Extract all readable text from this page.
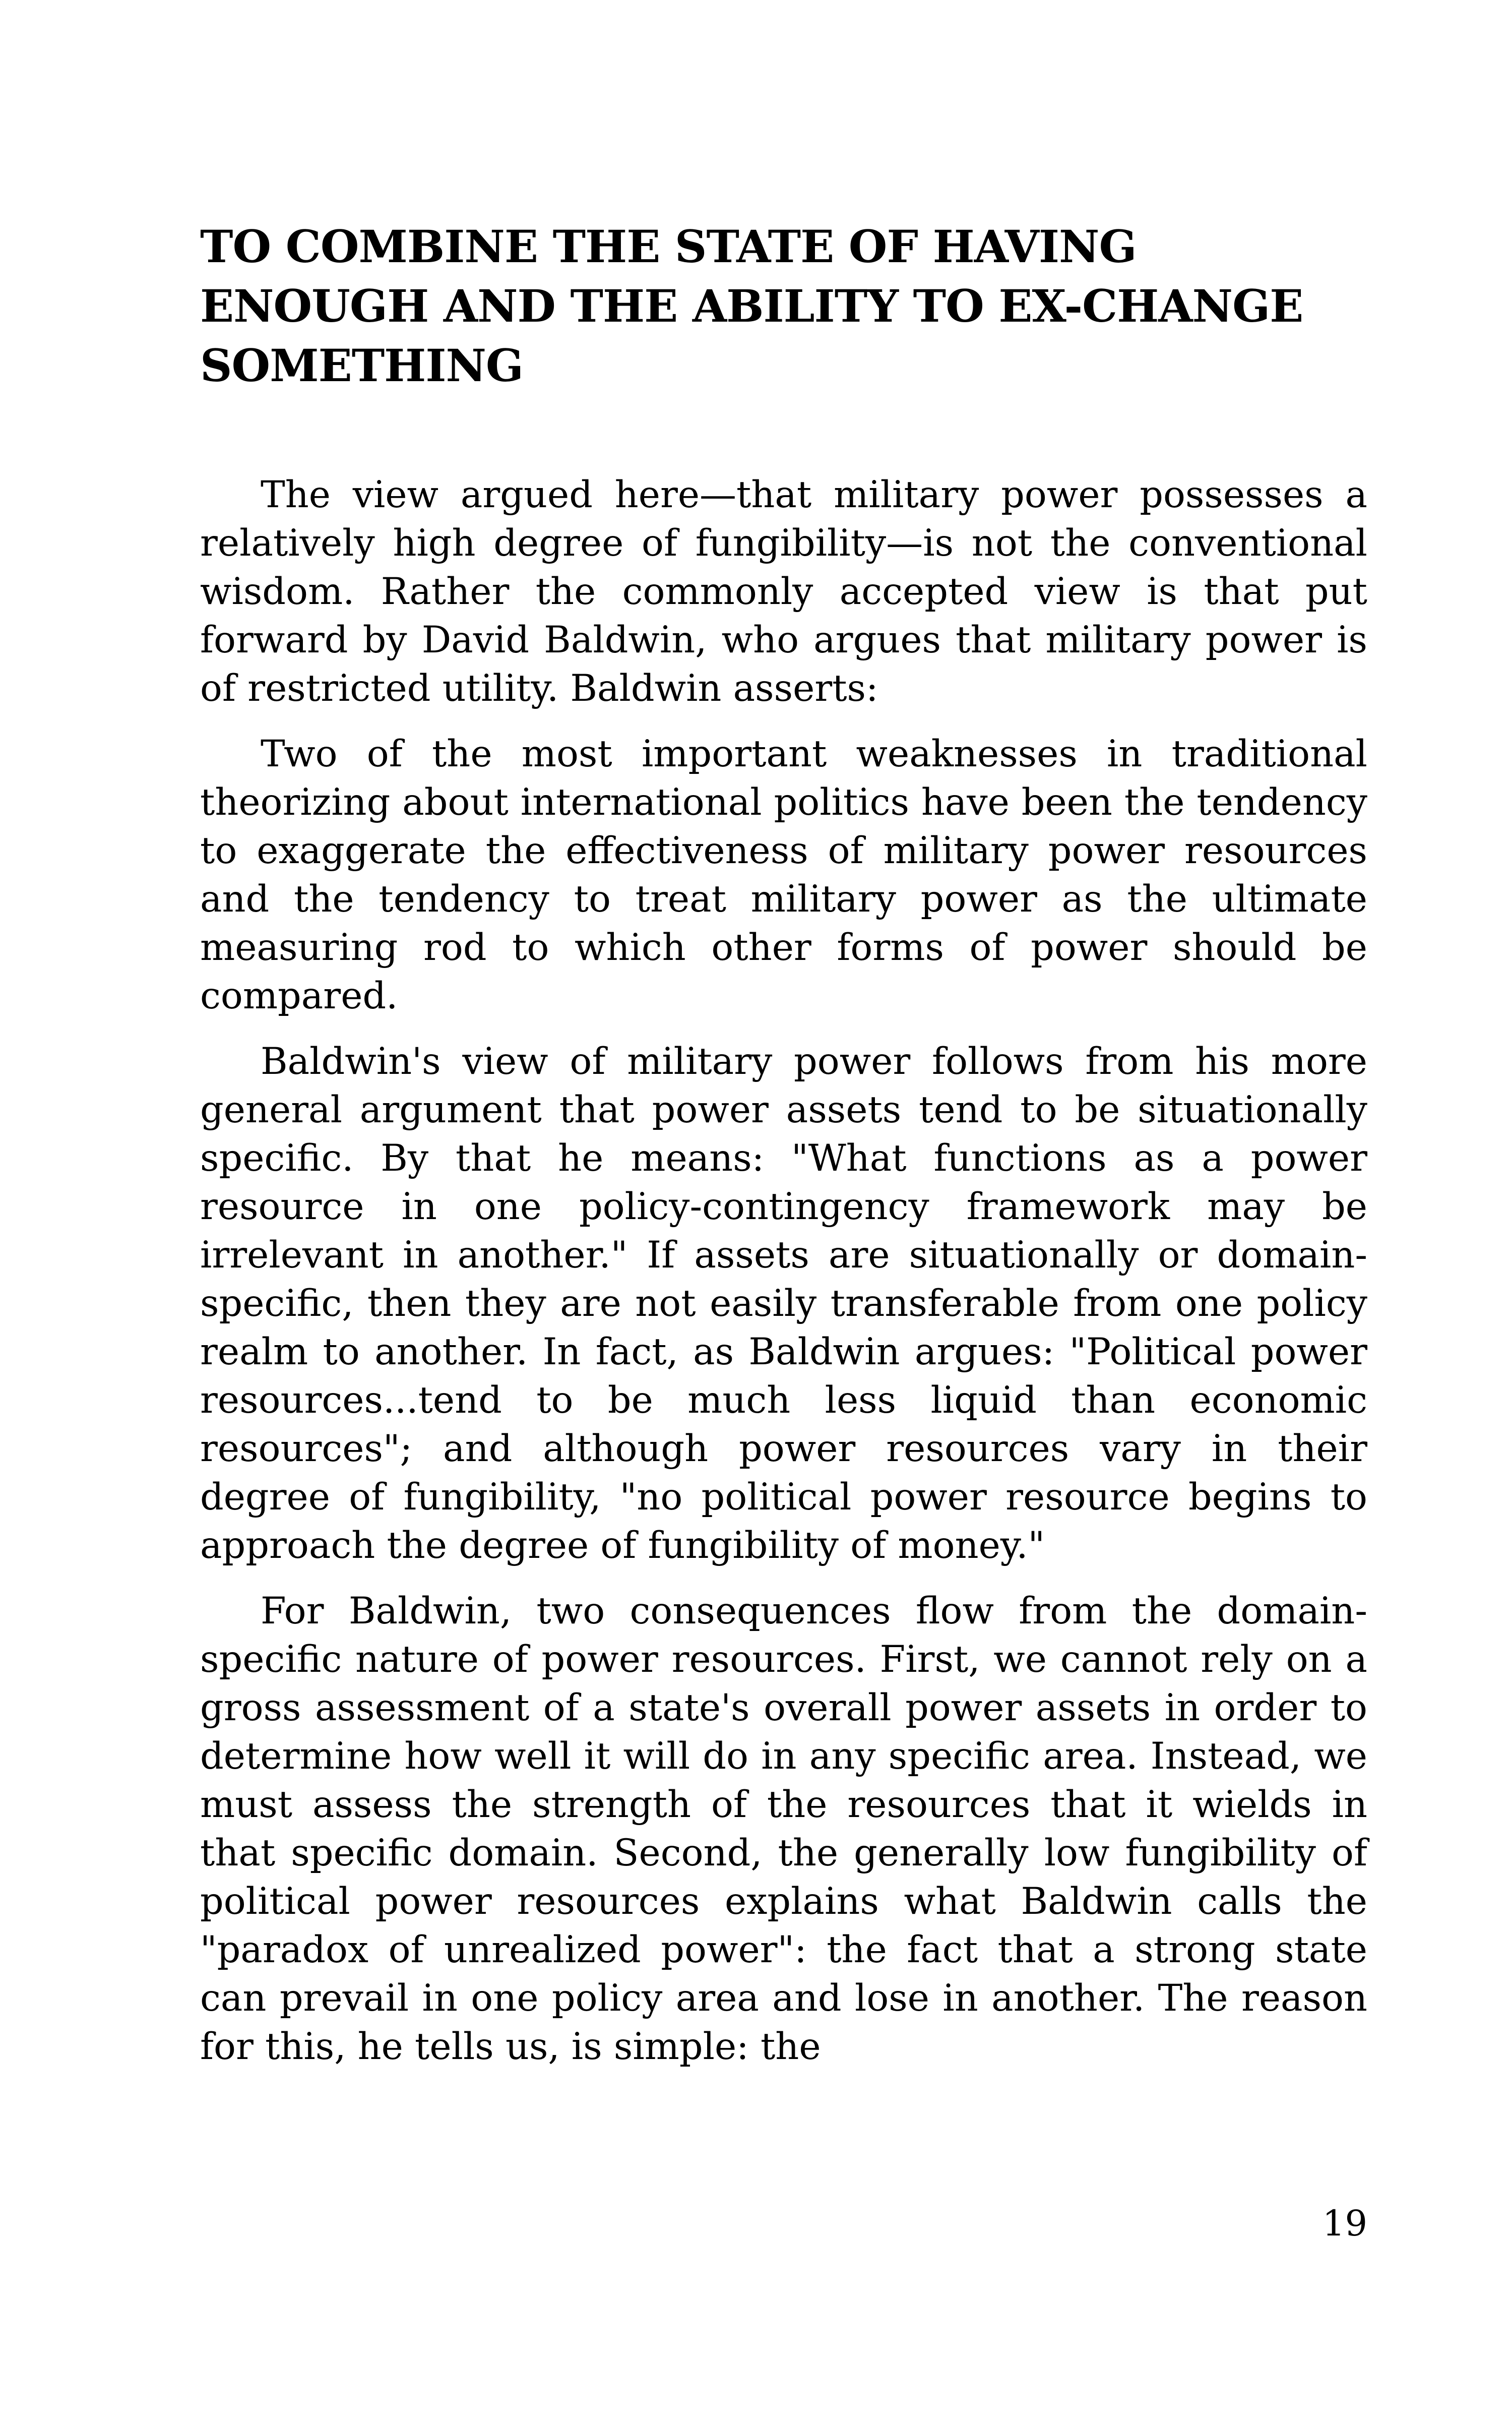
TO COMBINE THE STATE OF HAVING ENOUGH AND THE ABILITY TO EX-CHANGE SOMETHING

The view argued here—that military power possesses a relatively high degree of fungibility—is not the conventional wisdom. Rather the commonly accepted view is that put forward by David Baldwin, who argues that military power is of restricted utility. Baldwin asserts:

Two of the most important weaknesses in traditional theorizing about international politics have been the tendency to exaggerate the effectiveness of military power resources and the tendency to treat military power as the ultimate measuring rod to which other forms of power should be compared.

Baldwin's view of military power follows from his more general argument that power assets tend to be situationally specific. By that he means: "What functions as a power resource in one policy-contingency framework may be irrelevant in another." If assets are situationally or domain-specific, then they are not easily transferable from one policy realm to another. In fact, as Baldwin argues: "Political power resources...tend to be much less liquid than economic resources"; and although power resources vary in their degree of fungibility, "no political power resource begins to approach the degree of fungibility of money."

For Baldwin, two consequences flow from the domain-specific nature of power resources. First, we cannot rely on a gross assessment of a state's overall power assets in order to determine how well it will do in any specific area. Instead, we must assess the strength of the resources that it wields in that specific domain. Second, the generally low fungibility of political power resources explains what Baldwin calls the "paradox of unrealized power": the fact that a strong state can prevail in one policy area and lose in another. The reason for this, he tells us, is simple: the

19
